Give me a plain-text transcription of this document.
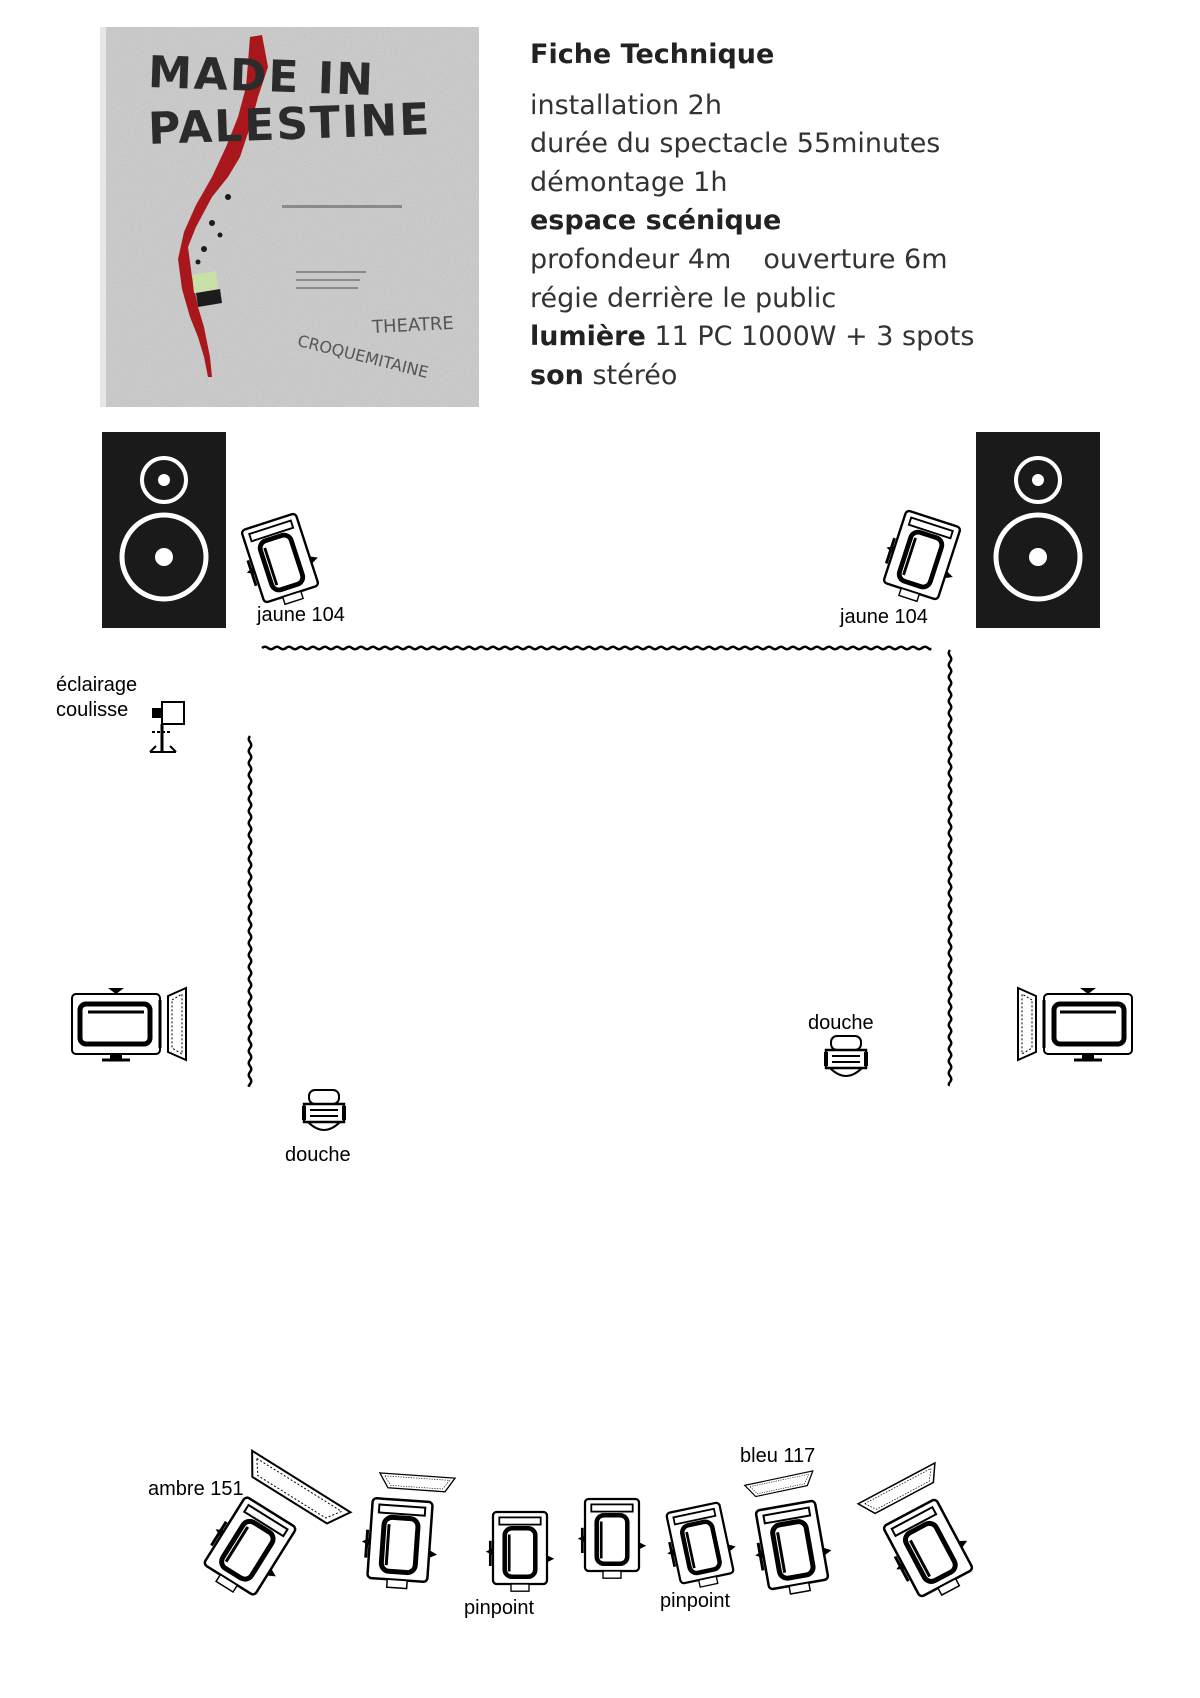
MADE IN
PALESTINE
THEATRE
CROQUEMITAINE
Fiche Technique
installation 2h
durée du spectacle 55minutes
démontage 1h
espace scénique
profondeur 4m ouverture 6m
régie derrière le public
lumière 11 PC 1000W + 3 spots
son stéréo
jaune 104	jaune 104
éclairage
coulisse
douche
douche
ambre 151
bleu 117
pinpoint	pinpoint
